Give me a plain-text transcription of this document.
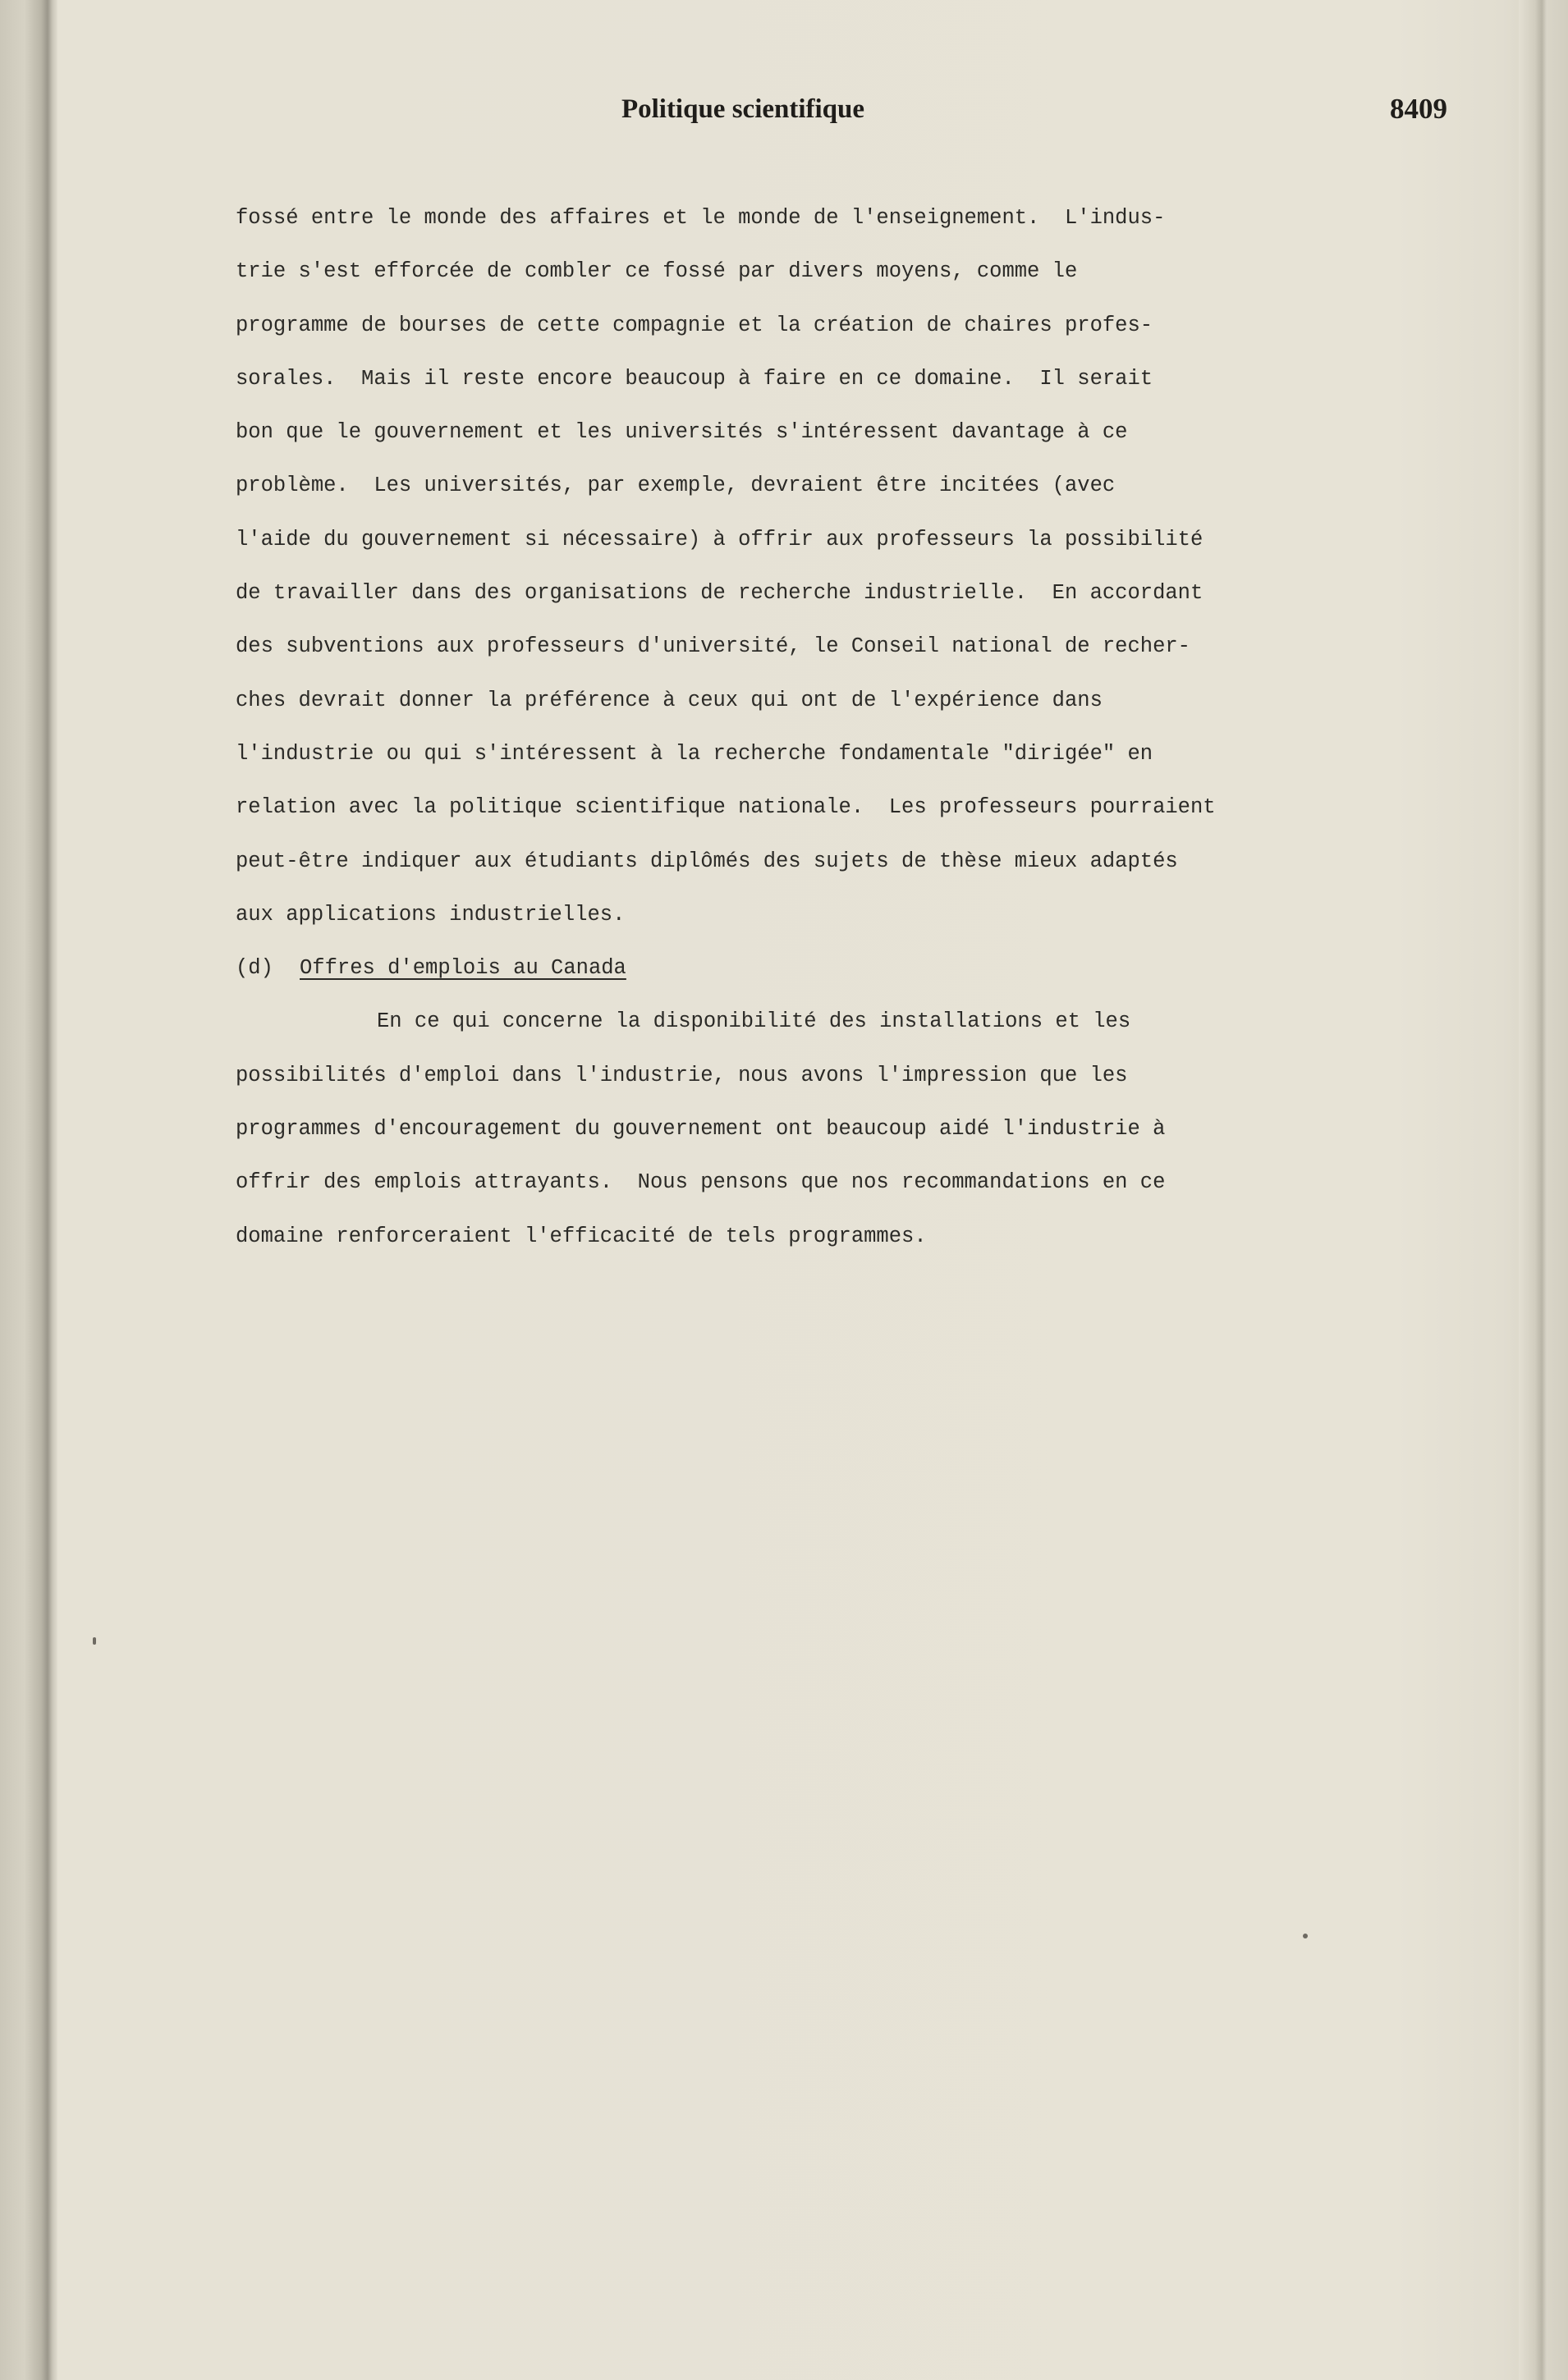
Politique scientifique	8409
fossé entre le monde des affaires et le monde de l'enseignement.  L'indus-
trie s'est efforcée de combler ce fossé par divers moyens, comme le
programme de bourses de cette compagnie et la création de chaires profes-
sorales.  Mais il reste encore beaucoup à faire en ce domaine.  Il serait
bon que le gouvernement et les universités s'intéressent davantage à ce
problème.  Les universités, par exemple, devraient être incitées (avec
l'aide du gouvernement si nécessaire) à offrir aux professeurs la possibilité
de travailler dans des organisations de recherche industrielle.  En accordant
des subventions aux professeurs d'université, le Conseil national de recher-
ches devrait donner la préférence à ceux qui ont de l'expérience dans
l'industrie ou qui s'intéressent à la recherche fondamentale "dirigée" en
relation avec la politique scientifique nationale.  Les professeurs pourraient
peut-être indiquer aux étudiants diplômés des sujets de thèse mieux adaptés
aux applications industrielles.
(d) Offres d'emplois au Canada
En ce qui concerne la disponibilité des installations et les
possibilités d'emploi dans l'industrie, nous avons l'impression que les
programmes d'encouragement du gouvernement ont beaucoup aidé l'industrie à
offrir des emplois attrayants.  Nous pensons que nos recommandations en ce
domaine renforceraient l'efficacité de tels programmes.
